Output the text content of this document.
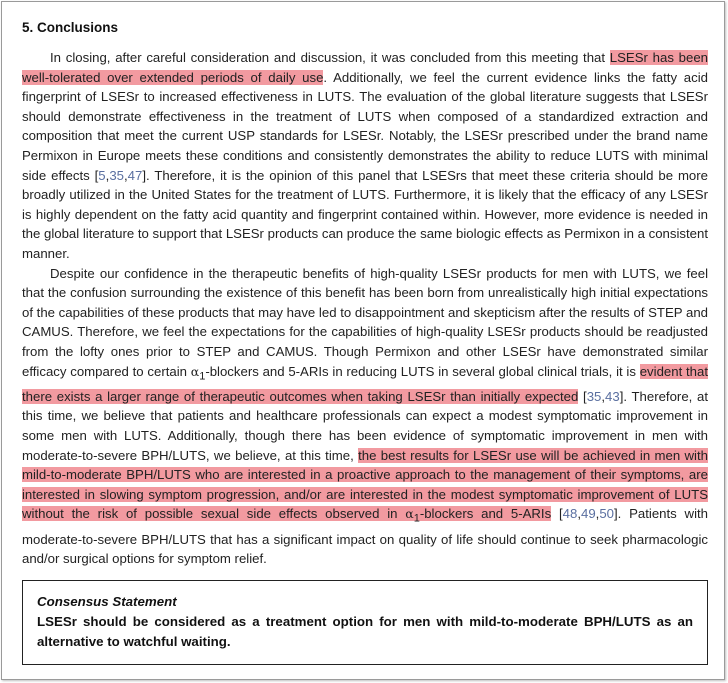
5. Conclusions

In closing, after careful consideration and discussion, it was concluded from this meeting that LSESr has been well-tolerated over extended periods of daily use. Additionally, we feel the current evidence links the fatty acid fingerprint of LSESr to increased effectiveness in LUTS. The evaluation of the global literature suggests that LSESr should demonstrate effectiveness in the treatment of LUTS when composed of a standardized extraction and composition that meet the current USP standards for LSESr. Notably, the LSESr prescribed under the brand name Permixon in Europe meets these conditions and consistently demonstrates the ability to reduce LUTS with minimal side effects [5,35,47]. Therefore, it is the opinion of this panel that LSESrs that meet these criteria should be more broadly utilized in the United States for the treatment of LUTS. Furthermore, it is likely that the efficacy of any LSESr is highly dependent on the fatty acid quantity and fingerprint contained within. However, more evidence is needed in the global literature to support that LSESr products can produce the same biologic effects as Permixon in a consistent manner.

Despite our confidence in the therapeutic benefits of high-quality LSESr products for men with LUTS, we feel that the confusion surrounding the existence of this benefit has been born from unrealistically high initial expectations of the capabilities of these products that may have led to disappointment and skepticism after the results of STEP and CAMUS. Therefore, we feel the expectations for the capabilities of high-quality LSESr products should be readjusted from the lofty ones prior to STEP and CAMUS. Though Permixon and other LSESr have demonstrated similar efficacy compared to certain $\alpha_1$-blockers and 5-ARIs in reducing LUTS in several global clinical trials, it is evident that there exists a larger range of therapeutic outcomes when taking LSESr than initially expected [35,43]. Therefore, at this time, we believe that patients and healthcare professionals can expect a modest symptomatic improvement in some men with LUTS. Additionally, though there has been evidence of symptomatic improvement in men with moderate-to-severe BPH/LUTS, we believe, at this time, the best results for LSESr use will be achieved in men with mild-to-moderate BPH/LUTS who are interested in a proactive approach to the management of their symptoms, are interested in slowing symptom progression, and/or are interested in the modest symptomatic improvement of LUTS without the risk of possible sexual side effects observed in $\alpha_1$-blockers and 5-ARIs [48,49,50]. Patients with moderate-to-severe BPH/LUTS that has a significant impact on quality of life should continue to seek pharmacologic and/or surgical options for symptom relief.

Consensus Statement
LSESr should be considered as a treatment option for men with mild-to-moderate BPH/LUTS as an alternative to watchful waiting.
